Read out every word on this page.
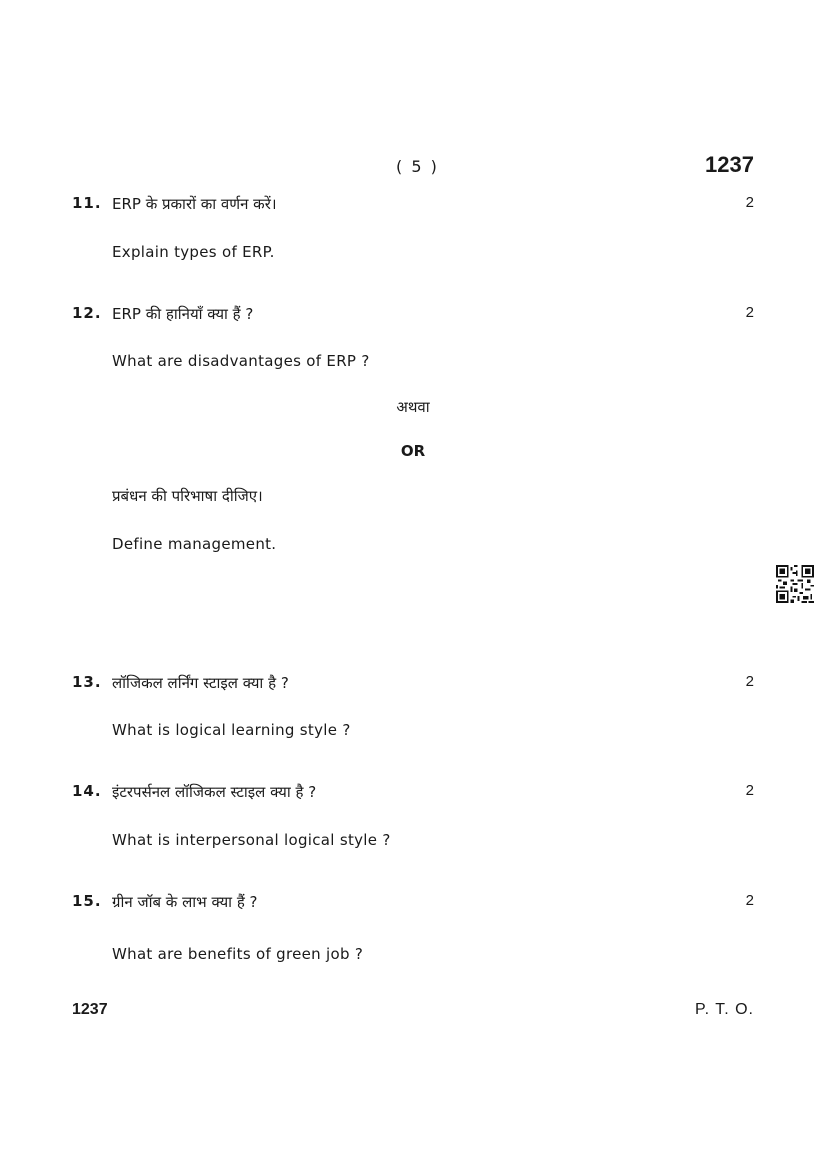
( 5 )	1237
11. ERP के प्रकारों का वर्णन करें।	2
Explain types of ERP.
12. ERP की हानियाँ क्या हैं ?	2
What are disadvantages of ERP ?
अथवा
OR
प्रबंधन की परिभाषा दीजिए।
Define management.
13. लॉजिकल लर्निंग स्टाइल क्या है ?	2
What is logical learning style ?
14. इंटरपर्सनल लॉजिकल स्टाइल क्या है ?	2
What is interpersonal logical style ?
15. ग्रीन जॉब के लाभ क्या हैं ?	2
What are benefits of green job ?
1237	P. T. O.
